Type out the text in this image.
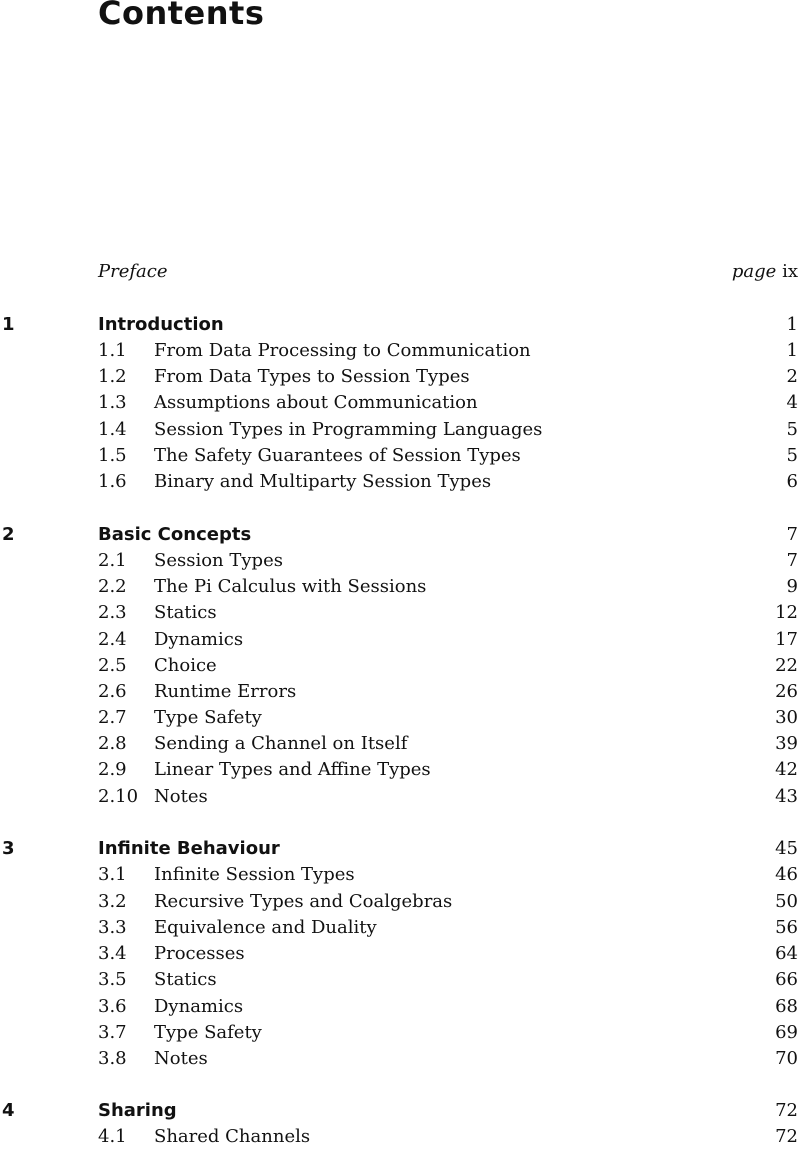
Contents
Preface	page ix
1	Introduction	1
1.1 From Data Processing to Communication	1
1.2 From Data Types to Session Types	2
1.3 Assumptions about Communication	4
1.4 Session Types in Programming Languages	5
1.5 The Safety Guarantees of Session Types	5
1.6 Binary and Multiparty Session Types	6
2	Basic Concepts	7
2.1 Session Types	7
2.2 The Pi Calculus with Sessions	9
2.3 Statics	12
2.4 Dynamics	17
2.5 Choice	22
2.6 Runtime Errors	26
2.7 Type Safety	30
2.8 Sending a Channel on Itself	39
2.9 Linear Types and Affine Types	42
2.10 Notes	43
3	Infinite Behaviour	45
3.1 Infinite Session Types	46
3.2 Recursive Types and Coalgebras	50
3.3 Equivalence and Duality	56
3.4 Processes	64
3.5 Statics	66
3.6 Dynamics	68
3.7 Type Safety	69
3.8 Notes	70
4	Sharing	72
4.1 Shared Channels	72
